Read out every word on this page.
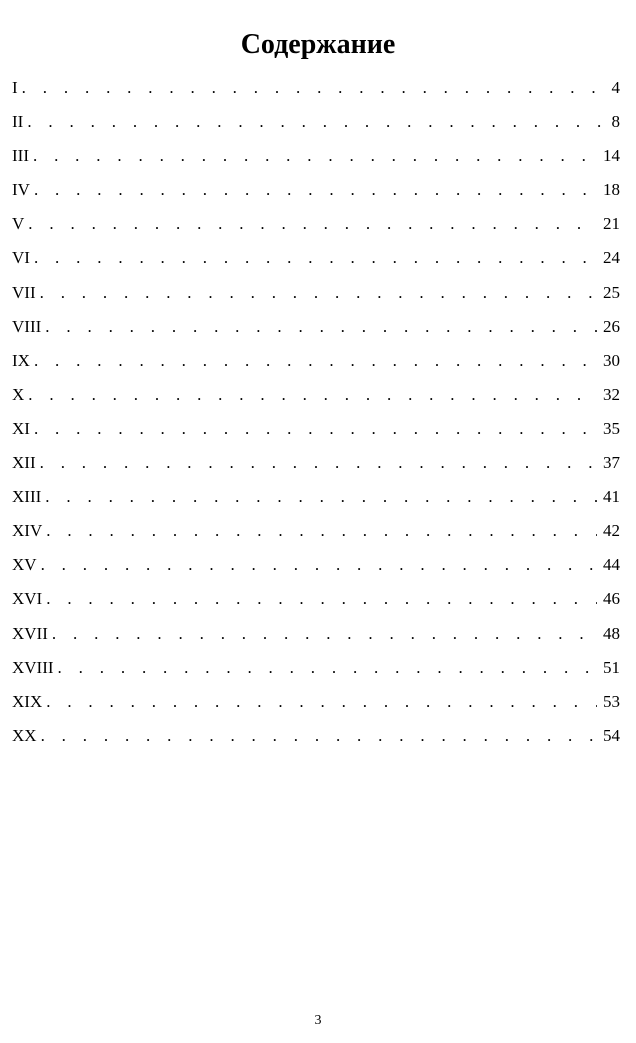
Содержание
I . . .	4
II . . .	8
III . . .	14
IV . . .	18
V . . .	21
VI . . .	24
VII . . .	25
VIII . . .	26
IX . . .	30
X . . .	32
XI . . .	35
XII . . .	37
XIII . . .	41
XIV . . .	42
XV . . .	44
XVI . . .	46
XVII . . .	48
XVIII . . .	51
XIX . . .	53
XX . . .	54
3
